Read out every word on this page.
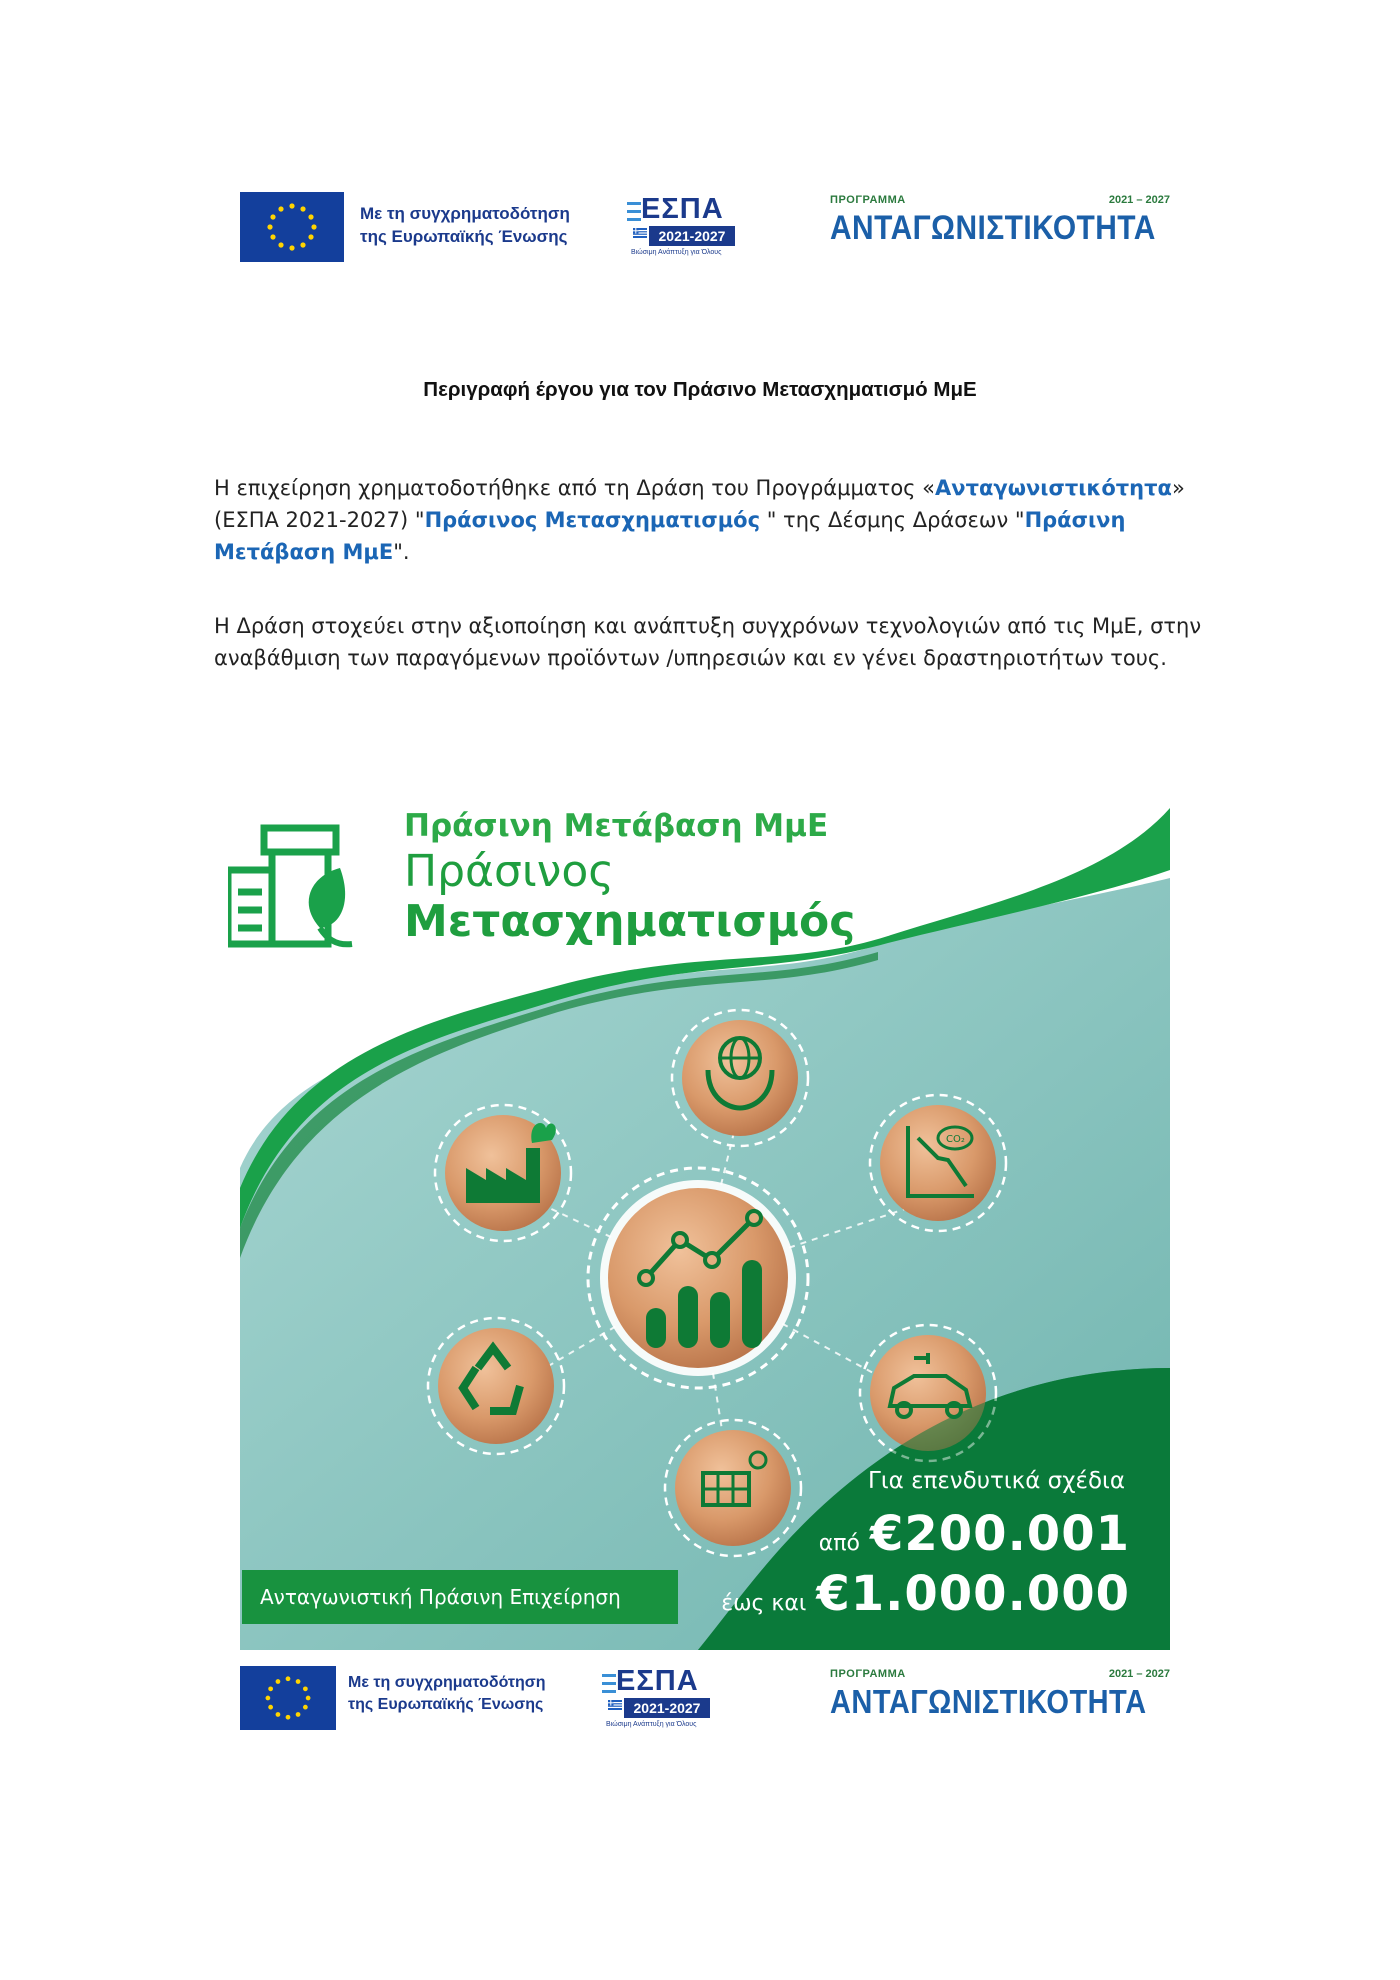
Με τη συγχρηματοδότηση
της Ευρωπαϊκής Ένωσης
ΕΣΠΑ
2021-2027
Βιώσιμη Ανάπτυξη για Όλους
ΠΡΟΓΡΑΜΜΑ	2021 – 2027
ΑΝΤΑΓΩΝΙΣΤΙΚΟΤΗΤΑ
Περιγραφή έργου για τον Πράσινο Μετασχηματισμό ΜμΕ

Η επιχείρηση χρηματοδοτήθηκε από τη Δράση του Προγράμματος «Ανταγωνιστικότητα» (ΕΣΠΑ 2021-2027) "Πράσινος Μετασχηματισμός " της Δέσμης Δράσεων "Πράσινη Μετάβαση ΜμΕ".

Η Δράση στοχεύει στην αξιοποίηση και ανάπτυξη συγχρόνων τεχνολογιών από τις ΜμΕ, στην αναβάθμιση των παραγόμενων προϊόντων /υπηρεσιών και εν γένει δραστηριοτήτων τους.

CO₂
Πράσινη Μετάβαση ΜμΕ
Πράσινος
Μετασχηματισμός
Ανταγωνιστική Πράσινη Επιχείρηση
Για επενδυτικά σχέδια
από €200.001
έως και €1.000.000
Με τη συγχρηματοδότηση
της Ευρωπαϊκής Ένωσης
ΕΣΠΑ
2021-2027
Βιώσιμη Ανάπτυξη για Όλους
ΠΡΟΓΡΑΜΜΑ	2021 – 2027
ΑΝΤΑΓΩΝΙΣΤΙΚΟΤΗΤΑ
